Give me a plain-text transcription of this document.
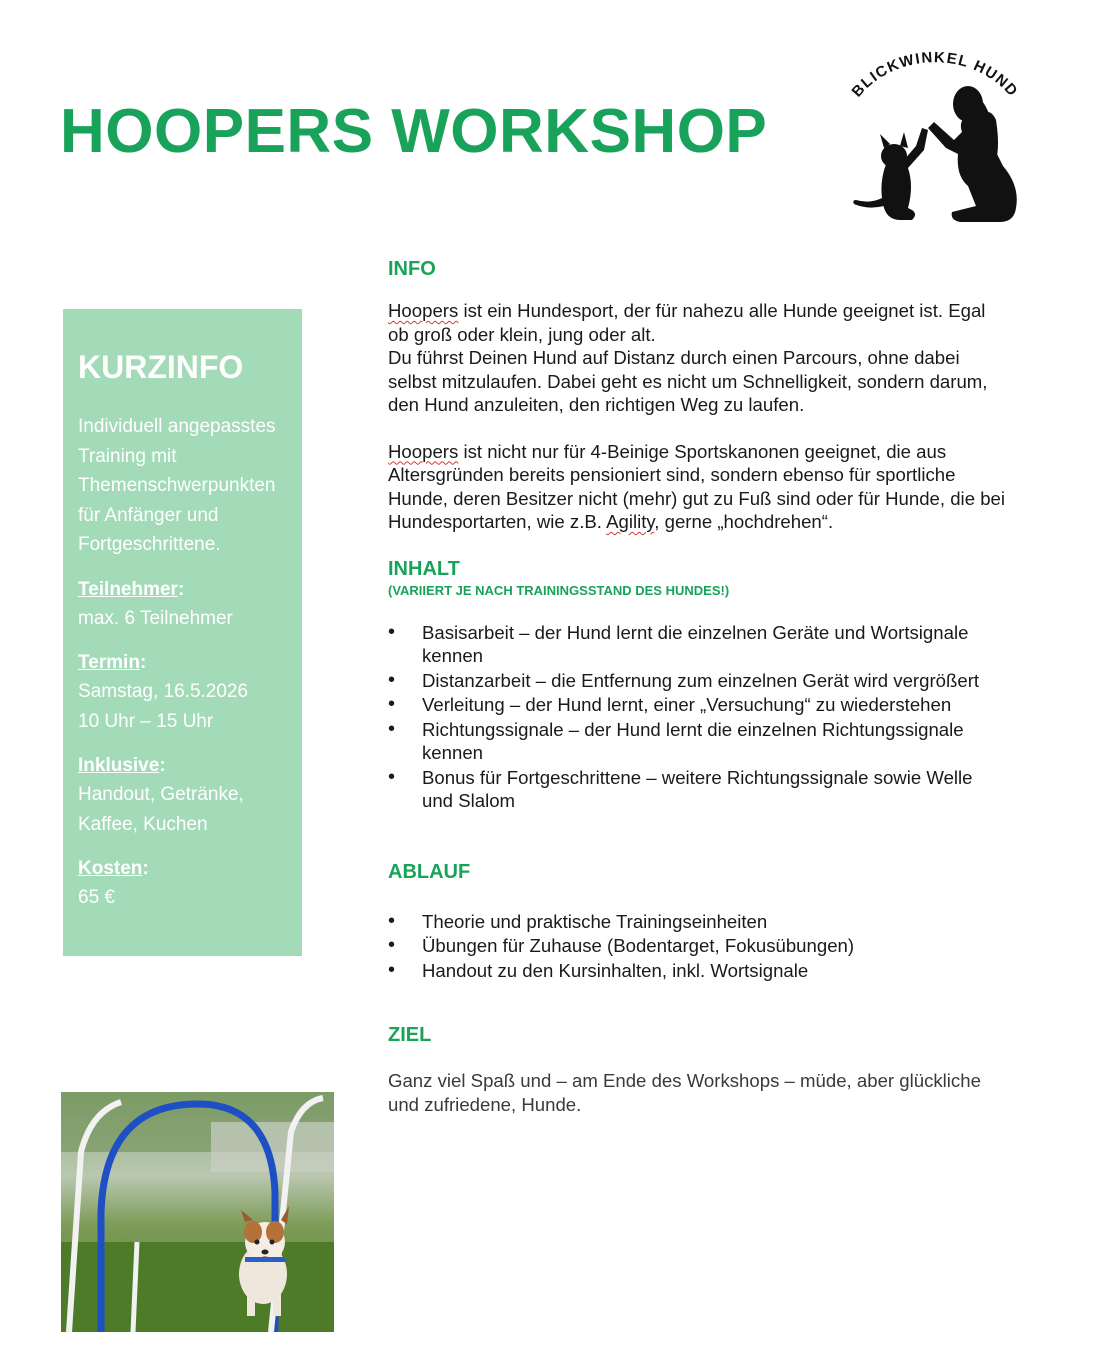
HOOPERS WORKSHOP
BLICKWINKEL HUND
KURZINFO

Individuell angepasstes Training mit Themenschwerpunkten für Anfänger und Fortgeschrittene.

Teilnehmer:

max. 6 Teilnehmer

Termin:

Samstag, 16.5.2026

10 Uhr – 15 Uhr

Inklusive:

Handout, Getränke,

Kaffee, Kuchen

Kosten:

65 €

INFO

Hoopers ist ein Hundesport, der für nahezu alle Hunde geeignet ist. Egal ob groß oder klein, jung oder alt.

Du führst Deinen Hund auf Distanz durch einen Parcours, ohne dabei selbst mitzulaufen. Dabei geht es nicht um Schnelligkeit, sondern darum, den Hund anzuleiten, den richtigen Weg zu laufen.

Hoopers ist nicht nur für 4-Beinige Sportskanonen geeignet, die aus Altersgründen bereits pensioniert sind, sondern ebenso für sportliche Hunde, deren Besitzer nicht (mehr) gut zu Fuß sind oder für Hunde, die bei Hundesportarten, wie z.B. Agility, gerne „hochdrehen“.

INHALT

(VARIIERT JE NACH TRAININGSSTAND DES HUNDES!)

• Basisarbeit – der Hund lernt die einzelnen Geräte und Wortsignale kennen
• Distanzarbeit – die Entfernung zum einzelnen Gerät wird vergrößert
• Verleitung – der Hund lernt, einer „Versuchung“ zu wiederstehen
• Richtungssignale – der Hund lernt die einzelnen Richtungssignale kennen
• Bonus für Fortgeschrittene – weitere Richtungssignale sowie Welle und Slalom
ABLAUF
• Theorie und praktische Trainingseinheiten
• Übungen für Zuhause (Bodentarget, Fokusübungen)
• Handout zu den Kursinhalten, inkl. Wortsignale
ZIEL

Ganz viel Spaß und – am Ende des Workshops – müde, aber glückliche und zufriedene, Hunde.
